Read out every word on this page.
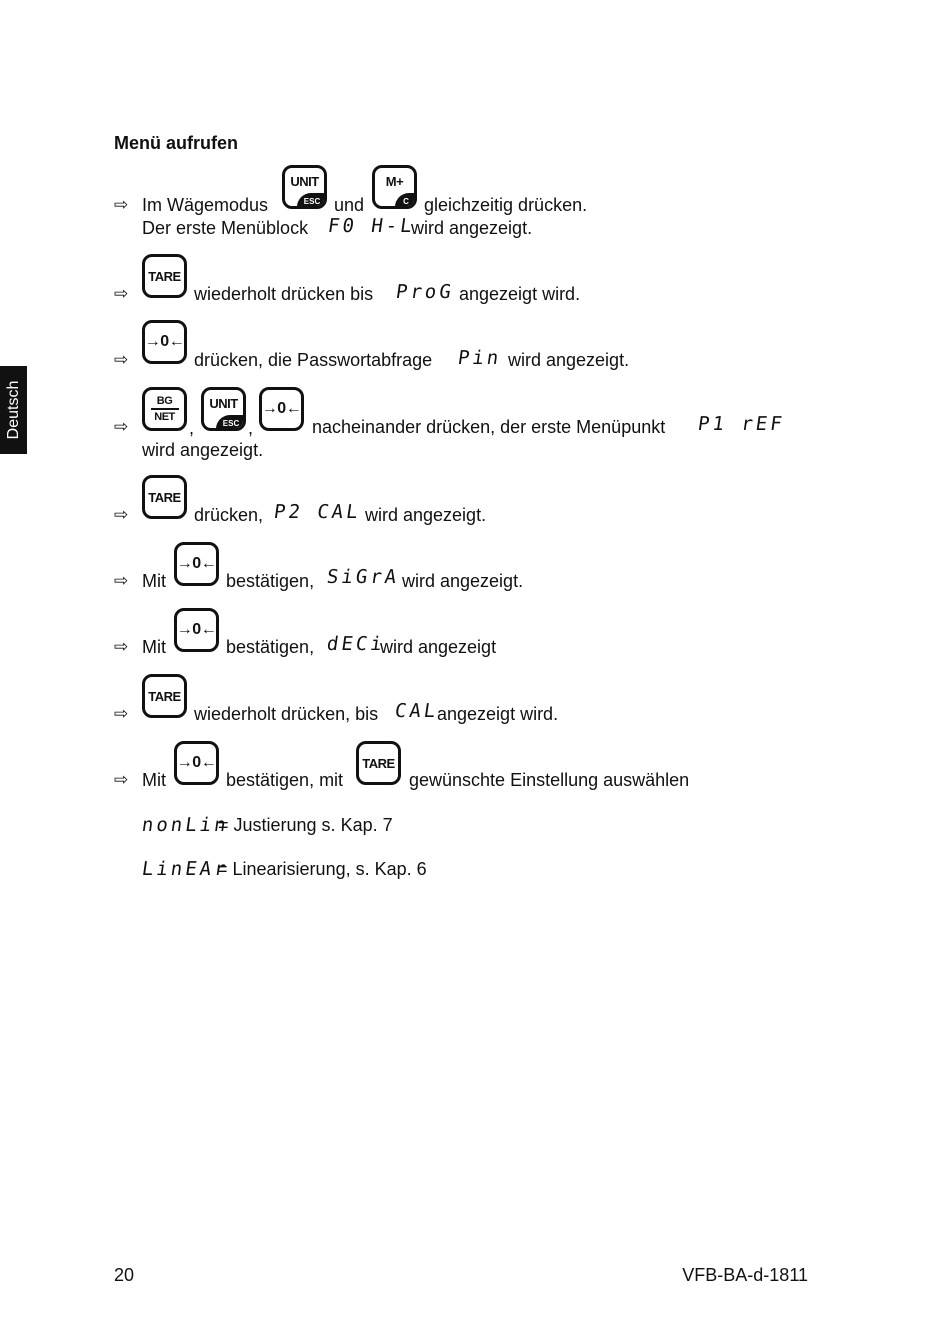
Deutsch
Menü aufrufen
⇨ Im Wägemodus
UNIT
ESC und
M+
C gleichzeitig drücken.
Der erste Menüblock F0 H-L
wird angezeigt.
⇨
TARE
wiederholt drücken bis ProG angezeigt wird.
⇨
→0←
drücken, die Passwortabfrage Pin wird angezeigt.
⇨
BG
NET
,
UNIT
ESC ,
→0←
nacheinander drücken, der erste Menüpunkt P1 rEF
wird angezeigt.
⇨
TARE
drücken, P2 CAL wird angezeigt.
⇨ Mit
→0←
bestätigen, SiGrA wird angezeigt.
⇨ Mit
→0←
bestätigen, dECi
wird angezeigt
⇨
TARE
wiederholt drücken, bis CAL
angezeigt wird.
⇨ Mit
→0←
bestätigen, mit
TARE
gewünschte Einstellung auswählen
nonLin
= Justierung s. Kap. 7
LinEAr
= Linearisierung, s. Kap. 6
20	VFB-BA-d-1811
